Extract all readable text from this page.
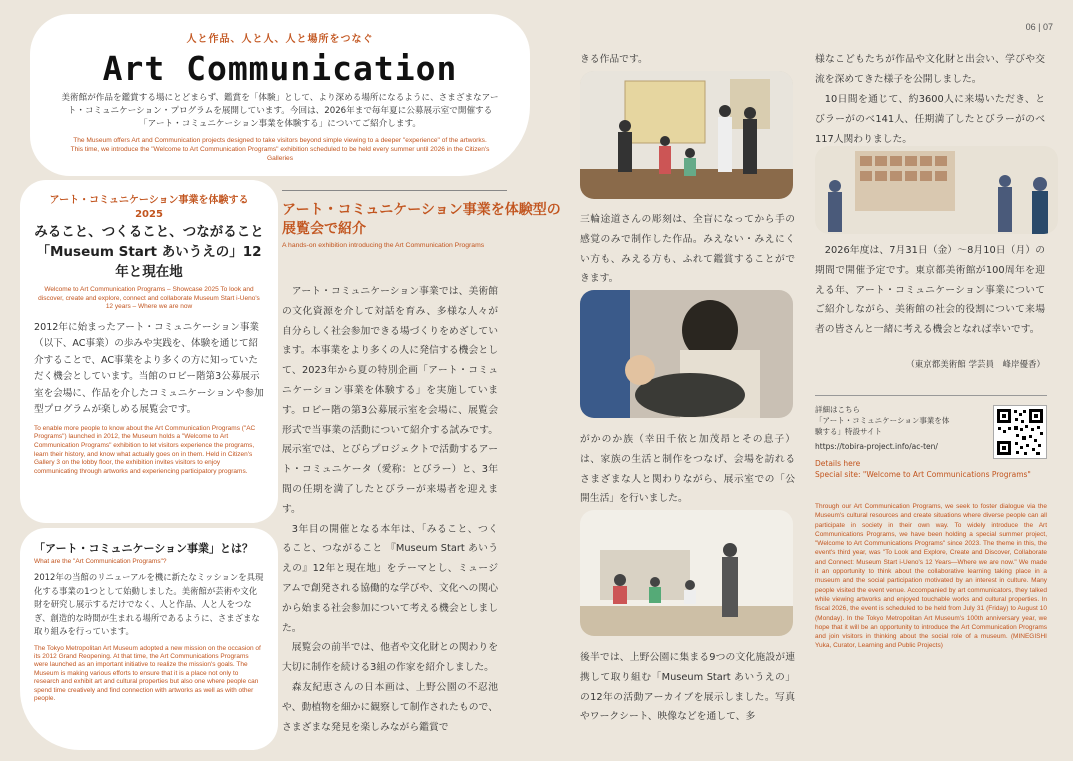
06 | 07
人と作品、人と人、人と場所をつなぐ
Art Communication
美術館が作品を鑑賞する場にとどまらず、鑑賞を「体験」として、より深める場所になるように、さまざまなアート・コミュニケーション・プログラムを展開しています。今回は、2026年まで毎年夏に公募展示室で開催する「アート・コミュニケーション事業を体験する」についてご紹介します。
The Museum offers Art and Communication projects designed to take visitors beyond simple viewing to a deeper "experience" of the artworks. This time, we introduce the "Welcome to Art Communication Programs" exhibition scheduled to be held every summer until 2026 in the Citizen's Galleries
アート・コミュニケーション事業を体験する 2025
みること、つくること、つながること「Museum Start あいうえの」12年と現在地
Welcome to Art Communication Programs – Showcase 2025 To look and discover, create and explore, connect and collaborate Museum Start i-Ueno's 12 years – Where we are now
2012年に始まったアート・コミュニケーション事業（以下、AC事業）の歩みや実践を、体験を通じて紹介することで、AC事業をより多くの方に知っていただく機会としています。当館のロビー階第3公募展示室を会場に、作品を介したコミュニケーションや参加型プログラムが楽しめる展覧会です。
To enable more people to know about the Art Communication Programs ("AC Programs") launched in 2012, the Museum holds a "Welcome to Art Communication Programs" exhibition to let visitors experience the programs, learn their history, and know what actually goes on in them. Held in Citizen's Gallery 3 on the lobby floor, the exhibition invites visitors to enjoy communicating through artworks and experiencing participatory programs.
「アート・コミュニケーション事業」とは？
What are the "Art Communication Programs"?
2012年の当館のリニューアルを機に新たなミッションを具現化する事業の1つとして始動しました。美術館が芸術や文化財を研究し展示するだけでなく、人と作品、人と人をつなぎ、創造的な時間が生まれる場所であるように、さまざまな取り組みを行っています。
The Tokyo Metropolitan Art Museum adopted a new mission on the occasion of its 2012 Grand Reopening. At that time, the Art Communications Programs were launched as an important initiative to realize the mission's goals. The Museum is making various efforts to ensure that it is a place not only to research and exhibit art and cultural properties but also one where people can spend time creatively and find connection with artworks as well as with other people.
アート・コミュニケーション事業を体験型の展覧会で紹介
A hands-on exhibition introducing the Art Communication Programs

アート・コミュニケーション事業では、美術館の文化資源を介して対話を育み、多様な人々が自分らしく社会参加できる場づくりをめざしています。本事業をより多くの人に発信する機会として、2023年から夏の特別企画「アート・コミュニケーション事業を体験する」を実施しています。ロビー階の第3公募展示室を会場に、展覧会形式で当事業の活動について紹介する試みです。展示室では、とびらプロジェクトで活動するアート・コミュニケータ（愛称：とびラー）と、3年間の任期を満了したとびラーが来場者を迎えます。

3年目の開催となる本年は、「みること、つくること、つながること 『Museum Start あいうえの』12年と現在地」をテーマとし、ミュージアムで創発される協働的な学びや、文化への関心から始まる社会参加について考える機会としました。

展覧会の前半では、他者や文化財との関わりを大切に制作を続ける3組の作家を紹介しました。

森友紀恵さんの日本画は、上野公園の不忍池や、動植物を細かに観察して制作されたもので、さまざまな発見を楽しみながら鑑賞で

きる作品です。
三輪途道さんの彫刻は、全盲になってから手の感覚のみで制作した作品。みえない・みえにくい方も、みえる方も、ふれて鑑賞することができます。
がかのか族（幸田千依と加茂昂とその息子）は、家族の生活と制作をつなげ、会場を訪れるさまざまな人と関わりながら、展示室での「公開生活」を行いました。
後半では、上野公園に集まる9つの文化施設が連携して取り組む「Museum Start あいうえの」の12年の活動アーカイブを展示しました。写真やワークシート、映像などを通して、多
様なこどもたちが作品や文化財と出会い、学びや交流を深めてきた様子を公開しました。
10日間を通じて、約3600人に来場いただき、とびラーがのべ141人、任期満了したとびラーがのべ117人関わりました。
2026年度は、7月31日（金）〜8月10日（月）の期間で開催予定です。東京都美術館が100周年を迎える年、アート・コミュニケーション事業についてご紹介しながら、美術館の社会的役割について来場者の皆さんと一緒に考える機会となれば幸いです。
（東京都美術館 学芸員　峰岸優香）
詳細はこちら
「アート・コミュニケーション事業を体験する」特設サイト
https://tobira-project.info/ac-ten/
Details here
Special site: "Welcome to Art Communications Programs"
Through our Art Communication Programs, we seek to foster dialogue via the Museum's cultural resources and create situations where diverse people can all participate in society in their own way. To widely introduce the Art Communications Programs, we have been holding a special summer project, "Welcome to Art Communications Programs" since 2023. The theme in this, the event's third year, was "To Look and Explore, Create and Discover, Collaborate and Connect: Museum Start i-Ueno's 12 Years—Where we are now." We made it an opportunity to think about the collaborative learning taking place in a museum and the social participation motivated by an interest in culture. Many people visited the event venue. Accompanied by art communicators, they talked while viewing artworks and enjoyed touchable works and cultural properties. In fiscal 2026, the event is scheduled to be held from July 31 (Friday) to August 10 (Monday). In the Tokyo Metropolitan Art Museum's 100th anniversary year, we hope that it will be an opportunity to introduce the Art Communication Programs and join visitors in thinking about the social role of a museum. (MINEGISHI Yuka, Curator, Learning and Public Projects)
